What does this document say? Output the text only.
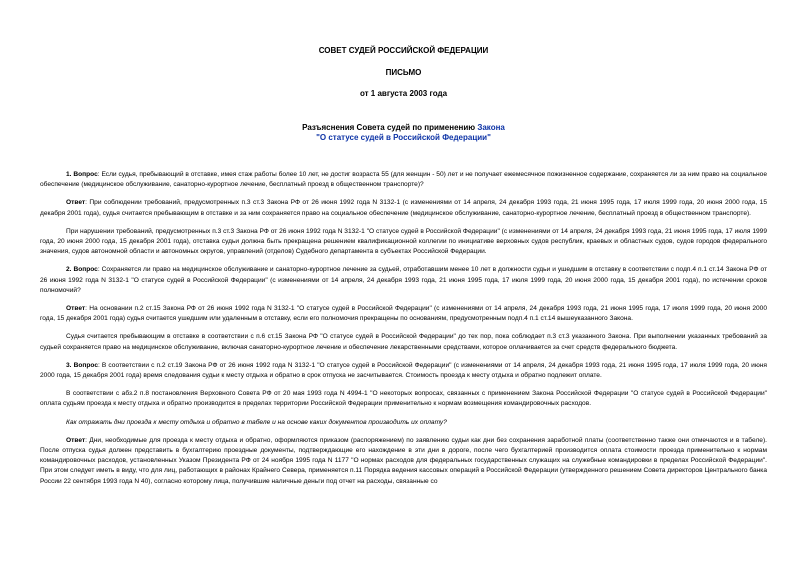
СОВЕТ СУДЕЙ РОССИЙСКОЙ ФЕДЕРАЦИИ
ПИСЬМО
от 1 августа 2003 года
Разъяснения Совета судей по применению Закона
"О статусе судей в Российской Федерации"

1. Вопрос: Если судья, пребывающий в отставке, имея стаж работы более 10 лет, не достиг возраста 55 (для женщин - 50) лет и не получает ежемесячное пожизненное содержание, сохраняется ли за ним право на социальное обеспечение (медицинское обслуживание, санаторно-курортное лечение, бесплатный проезд в общественном транспорте)?

Ответ: При соблюдении требований, предусмотренных п.3 ст.3 Закона РФ от 26 июня 1992 года N 3132-1 (с изменениями от 14 апреля, 24 декабря 1993 года, 21 июня 1995 года, 17 июля 1999 года, 20 июня 2000 года, 15 декабря 2001 года), судья считается пребывающим в отставке и за ним сохраняется право на социальное обеспечение (медицинское обслуживание, санаторно-курортное лечение, бесплатный проезд в общественном транспорте).

При нарушении требований, предусмотренных п.3 ст.3 Закона РФ от 26 июня 1992 года N 3132-1 "О статусе судей в Российской Федерации" (с изменениями от 14 апреля, 24 декабря 1993 года, 21 июня 1995 года, 17 июля 1999 года, 20 июня 2000 года, 15 декабря 2001 года), отставка судьи должна быть прекращена решением квалификационной коллегии по инициативе верховных судов республик, краевых и областных судов, судов городов федерального значения, судов автономной области и автономных округов, управлений (отделов) Судебного департамента в субъектах Российской Федерации.

2. Вопрос: Сохраняется ли право на медицинское обслуживание и санаторно-курортное лечение за судьей, отработавшим менее 10 лет в должности судьи и ушедшим в отставку в соответствии с подп.4 п.1 ст.14 Закона РФ от 26 июня 1992 года N 3132-1 "О статусе судей в Российской Федерации" (с изменениями от 14 апреля, 24 декабря 1993 года, 21 июня 1995 года, 17 июля 1999 года, 20 июня 2000 года, 15 декабря 2001 года), по истечении сроков полномочий?

Ответ: На основании п.2 ст.15 Закона РФ от 26 июня 1992 года N 3132-1 "О статусе судей в Российской Федерации" (с изменениями от 14 апреля, 24 декабря 1993 года, 21 июня 1995 года, 17 июля 1999 года, 20 июня 2000 года, 15 декабря 2001 года) судья считается ушедшим или удаленным в отставку, если его полномочия прекращены по основаниям, предусмотренным подп.4 п.1 ст.14 вышеуказанного Закона.

Судья считается пребывающим в отставке в соответствии с п.6 ст.15 Закона РФ "О статусе судей в Российской Федерации" до тех пор, пока соблюдает п.3 ст.3 указанного Закона. При выполнении указанных требований за судьей сохраняется право на медицинское обслуживание, включая санаторно-курортное лечение и обеспечение лекарственными средствами, которое оплачивается за счет средств федерального бюджета.

3. Вопрос: В соответствии с п.2 ст.19 Закона РФ от 26 июня 1992 года N 3132-1 "О статусе судей в Российской Федерации" (с изменениями от 14 апреля, 24 декабря 1993 года, 21 июня 1995 года, 17 июля 1999 года, 20 июня 2000 года, 15 декабря 2001 года) время следования судьи к месту отдыха и обратно в срок отпуска не засчитывается. Стоимость проезда к месту отдыха и обратно подлежит оплате.

В соответствии с абз.2 п.8 постановления Верховного Совета РФ от 20 мая 1993 года N 4994-1 "О некоторых вопросах, связанных с применением Закона Российской Федерации "О статусе судей в Российской Федерации" оплата судьям проезда к месту отдыха и обратно производится в пределах территории Российской Федерации применительно к нормам возмещения командировочных расходов.

Как отражать дни проезда к месту отдыха и обратно в табеле и на основе каких документов производить их оплату?

Ответ: Дни, необходимые для проезда к месту отдыха и обратно, оформляются приказом (распоряжением) по заявлению судьи как дни без сохранения заработной платы (соответственно также они отмечаются и в табеле). После отпуска судья должен представить в бухгалтерию проездные документы, подтверждающие его нахождение в эти дни в дороге, после чего бухгалтерией производится оплата стоимости проезда применительно к нормам командировочных расходов, установленных Указом Президента РФ от 24 ноября 1995 года N 1177 "О нормах расходов для федеральных государственных служащих на служебные командировки в пределах Российской Федерации". При этом следует иметь в виду, что для лиц, работающих в районах Крайнего Севера, применяется п.11 Порядка ведения кассовых операций в Российской Федерации (утвержденного решением Совета директоров Центрального банка России 22 сентября 1993 года N 40), согласно которому лица, получившие наличные деньги под отчет на расходы, связанные со
